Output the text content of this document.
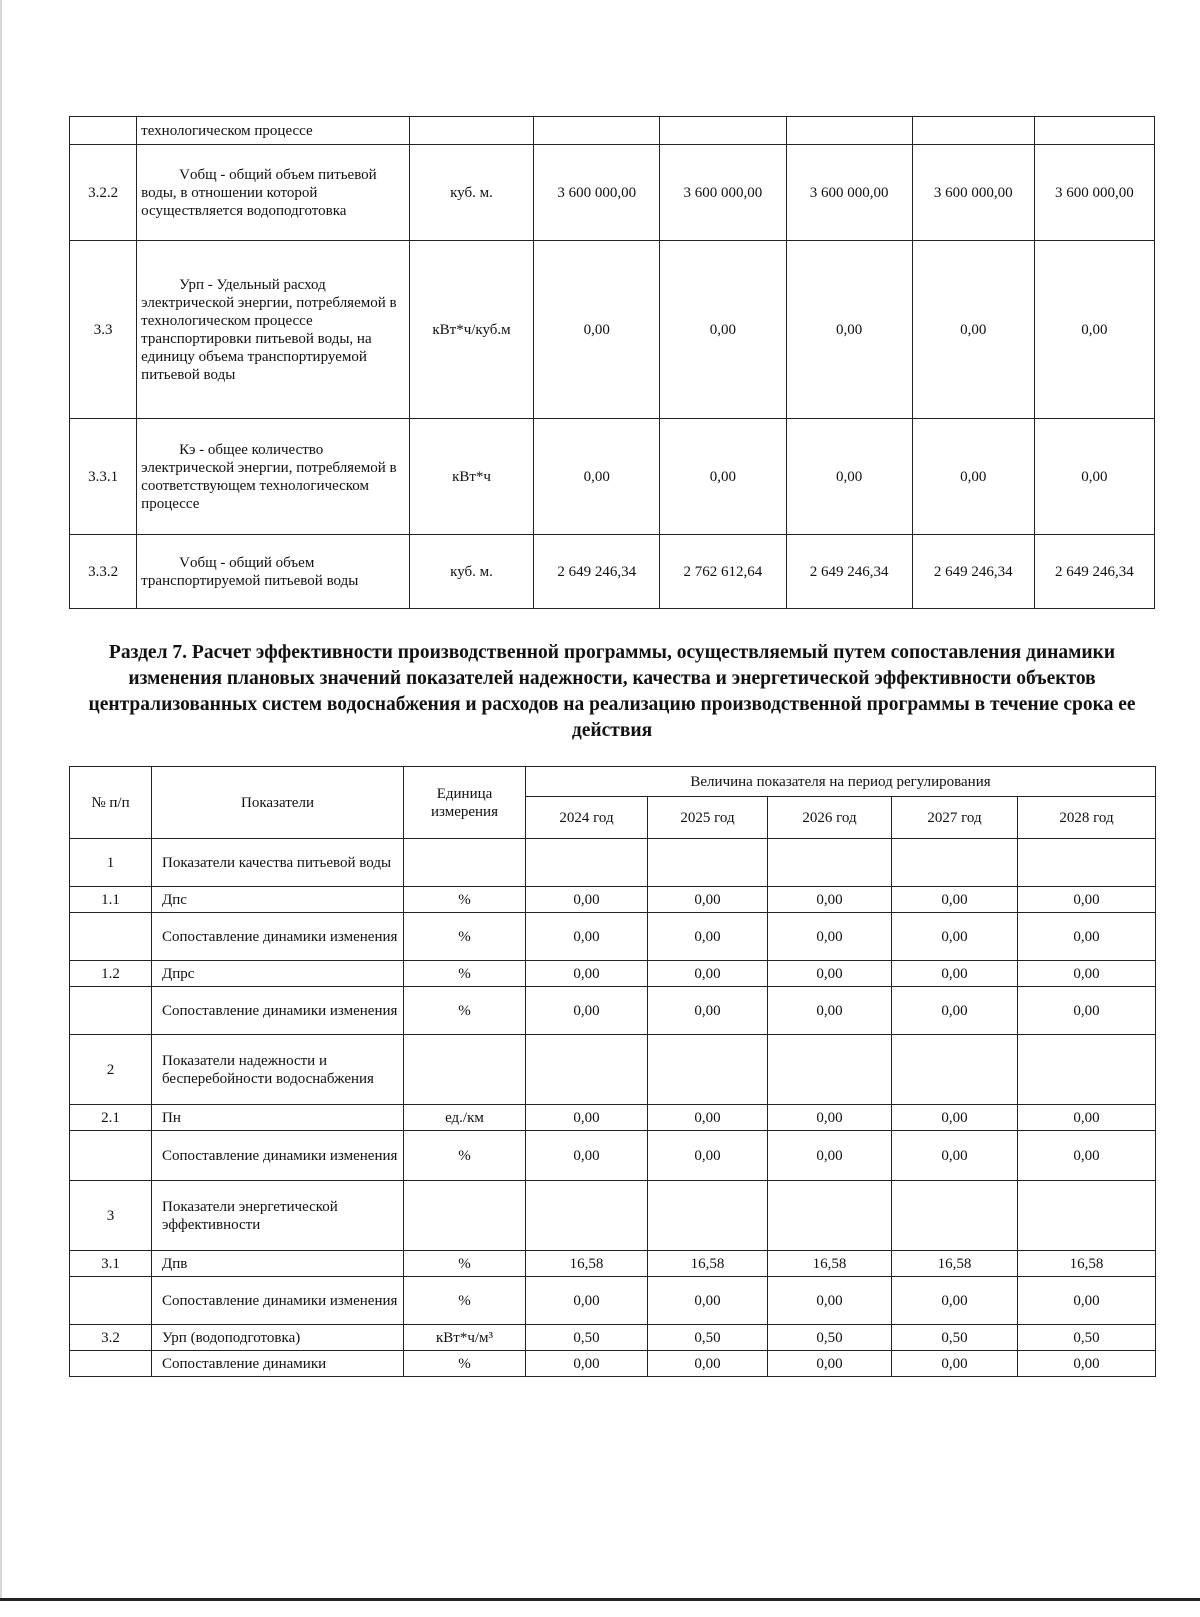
	технологическом процессе						
3.2.2	Vобщ - общий объем питьевой воды, в отношении которой осуществляется водоподготовка	куб. м.	3 600 000,00	3 600 000,00	3 600 000,00	3 600 000,00	3 600 000,00
3.3	Урп - Удельный расход электрической энергии, потребляемой в технологическом процессе транспортировки питьевой воды, на единицу объема транспортируемой питьевой воды	кВт*ч/куб.м	0,00	0,00	0,00	0,00	0,00
3.3.1	Кэ - общее количество электрической энергии, потребляемой в соответствующем технологическом процессе	кВт*ч	0,00	0,00	0,00	0,00	0,00
3.3.2	Vобщ - общий объем транспортируемой питьевой воды	куб. м.	2 649 246,34	2 762 612,64	2 649 246,34	2 649 246,34	2 649 246,34
Раздел 7. Расчет эффективности производственной программы, осуществляемый путем сопоставления динамики изменения плановых значений показателей надежности, качества и энергетической эффективности объектов централизованных систем водоснабжения и расходов на реализацию производственной программы в течение срока ее действия
№ п/п	Показатели	Единица измерения	Величина показателя на период регулирования				
			2024 год	2025 год	2026 год	2027 год	2028 год
1	Показатели качества питьевой воды						
1.1	Дпс	%	0,00	0,00	0,00	0,00	0,00
	Сопоставление динамики изменения	%	0,00	0,00	0,00	0,00	0,00
1.2	Дпрс	%	0,00	0,00	0,00	0,00	0,00
	Сопоставление динамики изменения	%	0,00	0,00	0,00	0,00	0,00
2	Показатели надежности и бесперебойности водоснабжения						
2.1	Пн	ед./км	0,00	0,00	0,00	0,00	0,00
	Сопоставление динамики изменения	%	0,00	0,00	0,00	0,00	0,00
3	Показатели энергетической эффективности						
3.1	Дпв	%	16,58	16,58	16,58	16,58	16,58
	Сопоставление динамики изменения	%	0,00	0,00	0,00	0,00	0,00
3.2	Урп (водоподготовка)	кВт*ч/м³	0,50	0,50	0,50	0,50	0,50
	Сопоставление динамики	%	0,00	0,00	0,00	0,00	0,00
